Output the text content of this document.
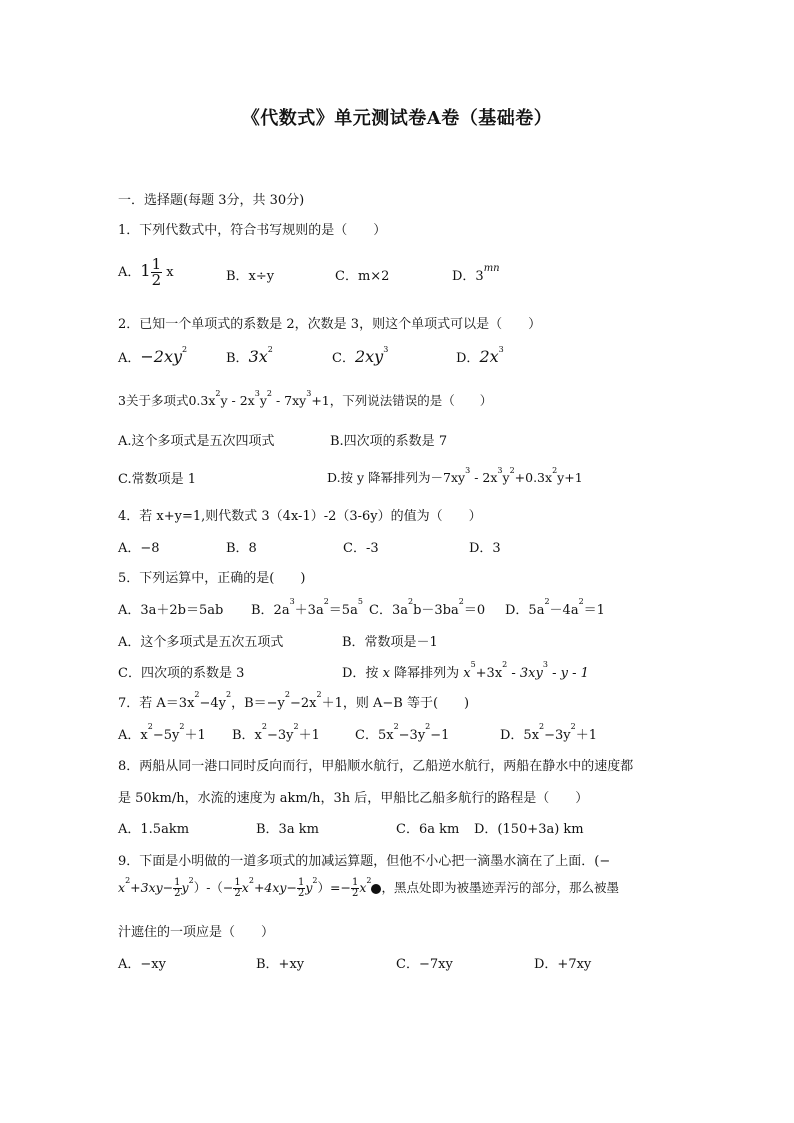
《代数式》单元测试卷A卷（基础卷）
一．选择题(每题 3分，共 30分)
1．下列代数式中，符合书写规则的是（　　）
A．$1 \frac{1}{2}$ x	B．x÷y	C．m×2	D．$3^{mn}$
2．已知一个单项式的系数是 2，次数是 3，则这个单项式可以是（　　）
A．$-2xy^2$
B．$3x^2$
C．$2xy^3$
D．$2x^3$
3关于多项式$0.3x^2y - 2x^3y^2 - 7xy^3+1$，下列说法错误的是（　　）
A.这个多项式是五次四项式	B.四次项的系数是 7
C.常数项是 1	D.按 y 降幂排列为$-7xy^3 - 2x^3y^2+0.3x^2y+1$
4．若 x+y=1,则代数式 3（4x-1）-2（3-6y）的值为（　　）
A．−8	B．8	C．-3	D．3
5．下列运算中，正确的是(　　)
A．3a＋2b＝5ab B．$2a^3+3a^2=5a^5$
C．$3a^2b-3ba^2=0$ D．$5a^2-4a^2=1$
A．这个多项式是五次五项式	B．常数项是－1
C．四次项的系数是 3	D．按 x 降幂排列为 $x^5+3x^2 - 3xy^3 - y - 1$
7．若 $A=3x^2-4y^2$，$B=-y^2-2x^2+1$，则 A−B 等于(　　)
A．$x^2-5y^2+1$ B．$x^2-3y^2+1$	C．$5x^2-3y^2-1$	D．$5x^2-3y^2+1$
8．两船从同一港口同时反向而行，甲船顺水航行，乙船逆水航行，两船在静水中的速度都
是 50km/h，水流的速度为 akm/h，3h 后，甲船比乙船多航行的路程是（　　）
A．1.5akm	B．3a km	C．6a km D．(150+3a) km
9．下面是小明做的一道多项式的加减运算题，但他不小心把一滴墨水滴在了上面．(−
$x^2+3xy- \frac{1}{2} y^2)-(- \frac{1}{2} x^2+4xy- \frac{1}{2} y^2)=- \frac{1}{2} x^2$ ，黑点处即为被墨迹弄污的部分，那么被墨
汁遮住的一项应是（　　）
A．−xy	B．+xy	C．−7xy	D．+7xy
